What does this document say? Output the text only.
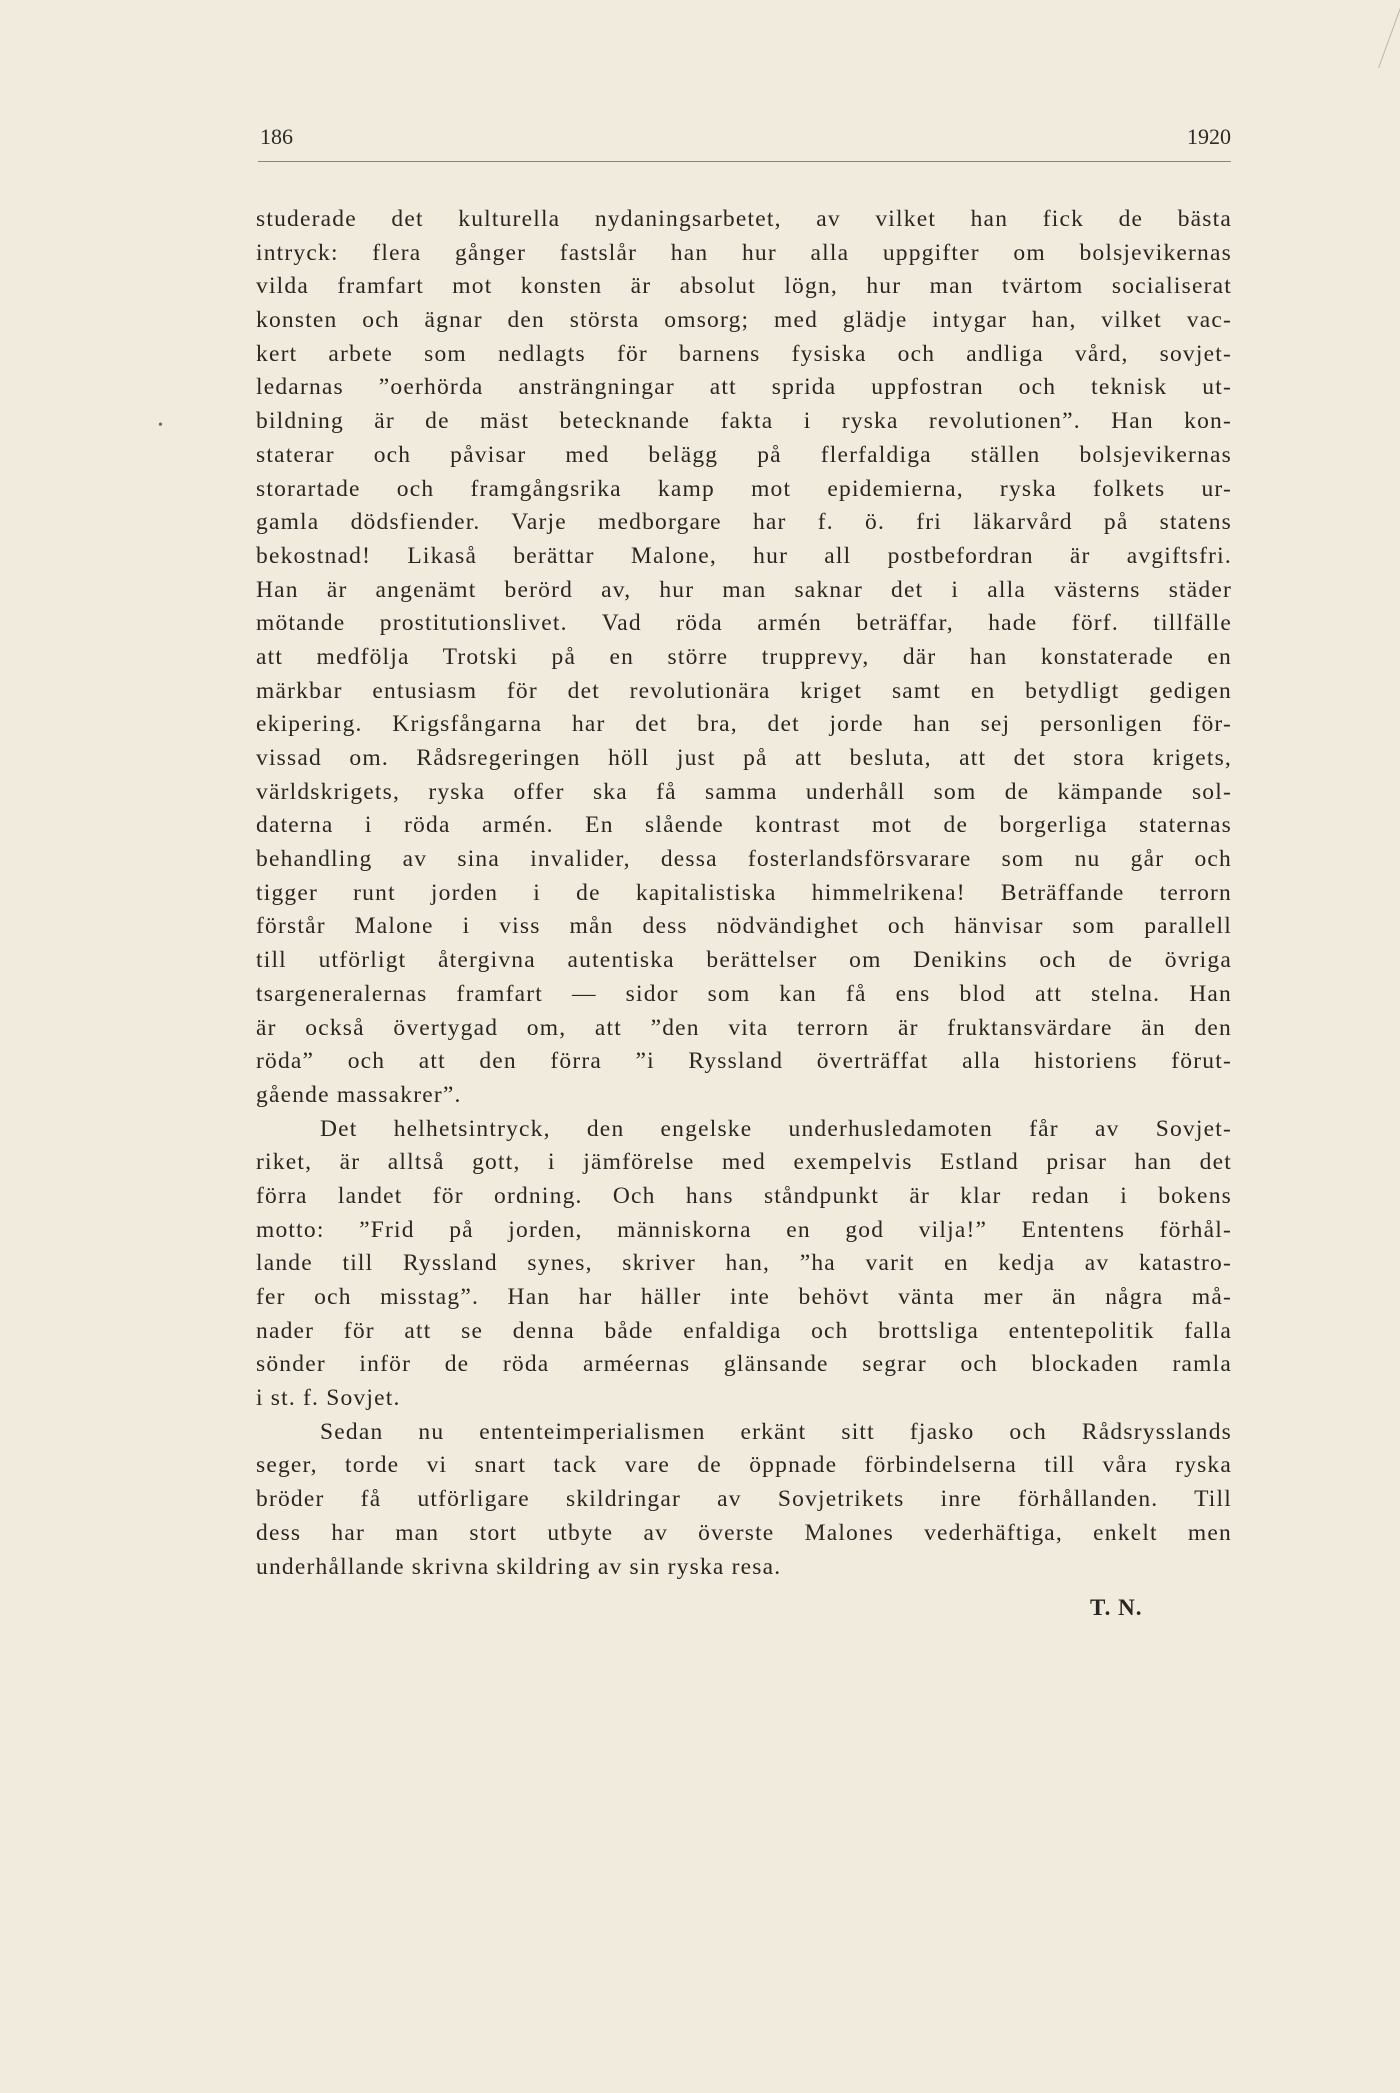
186	1920
studerade det kulturella nydaningsarbetet, av vilket han fick de bästa
intryck: flera gånger fastslår han hur alla uppgifter om bolsjevikernas
vilda framfart mot konsten är absolut lögn, hur man tvärtom socialiserat
konsten och ägnar den största omsorg; med glädje intygar han, vilket vac-
kert arbete som nedlagts för barnens fysiska och andliga vård, sovjet-
ledarnas ”oerhörda ansträngningar att sprida uppfostran och teknisk ut-
bildning är de mäst betecknande fakta i ryska revolutionen”. Han kon-
staterar och påvisar med belägg på flerfaldiga ställen bolsjevikernas
storartade och framgångsrika kamp mot epidemierna, ryska folkets ur-
gamla dödsfiender. Varje medborgare har f. ö. fri läkarvård på statens
bekostnad! Likaså berättar Malone, hur all postbefordran är avgiftsfri.
Han är angenämt berörd av, hur man saknar det i alla västerns städer
mötande prostitutionslivet. Vad röda armén beträffar, hade förf. tillfälle
att medfölja Trotski på en större trupprevy, där han konstaterade en
märkbar entusiasm för det revolutionära kriget samt en betydligt gedigen
ekipering. Krigsfångarna har det bra, det jorde han sej personligen för-
vissad om. Rådsregeringen höll just på att besluta, att det stora krigets,
världskrigets, ryska offer ska få samma underhåll som de kämpande sol-
daterna i röda armén. En slående kontrast mot de borgerliga staternas
behandling av sina invalider, dessa fosterlandsförsvarare som nu går och
tigger runt jorden i de kapitalistiska himmelrikena! Beträffande terrorn
förstår Malone i viss mån dess nödvändighet och hänvisar som parallell
till utförligt återgivna autentiska berättelser om Denikins och de övriga
tsargeneralernas framfart — sidor som kan få ens blod att stelna. Han
är också övertygad om, att ”den vita terrorn är fruktansvärdare än den
röda” och att den förra ”i Ryssland överträffat alla historiens förut-
gående massakrer”.
Det helhetsintryck, den engelske underhusledamoten får av Sovjet-
riket, är alltså gott, i jämförelse med exempelvis Estland prisar han det
förra landet för ordning. Och hans ståndpunkt är klar redan i bokens
motto: ”Frid på jorden, människorna en god vilja!” Ententens förhål-
lande till Ryssland synes, skriver han, ”ha varit en kedja av katastro-
fer och misstag”. Han har häller inte behövt vänta mer än några må-
nader för att se denna både enfaldiga och brottsliga ententepolitik falla
sönder inför de röda arméernas glänsande segrar och blockaden ramla
i st. f. Sovjet.
Sedan nu ententeimperialismen erkänt sitt fjasko och Rådsrysslands
seger, torde vi snart tack vare de öppnade förbindelserna till våra ryska
bröder få utförligare skildringar av Sovjetrikets inre förhållanden. Till
dess har man stort utbyte av överste Malones vederhäftiga, enkelt men
underhållande skrivna skildring av sin ryska resa.
T. N.
•
